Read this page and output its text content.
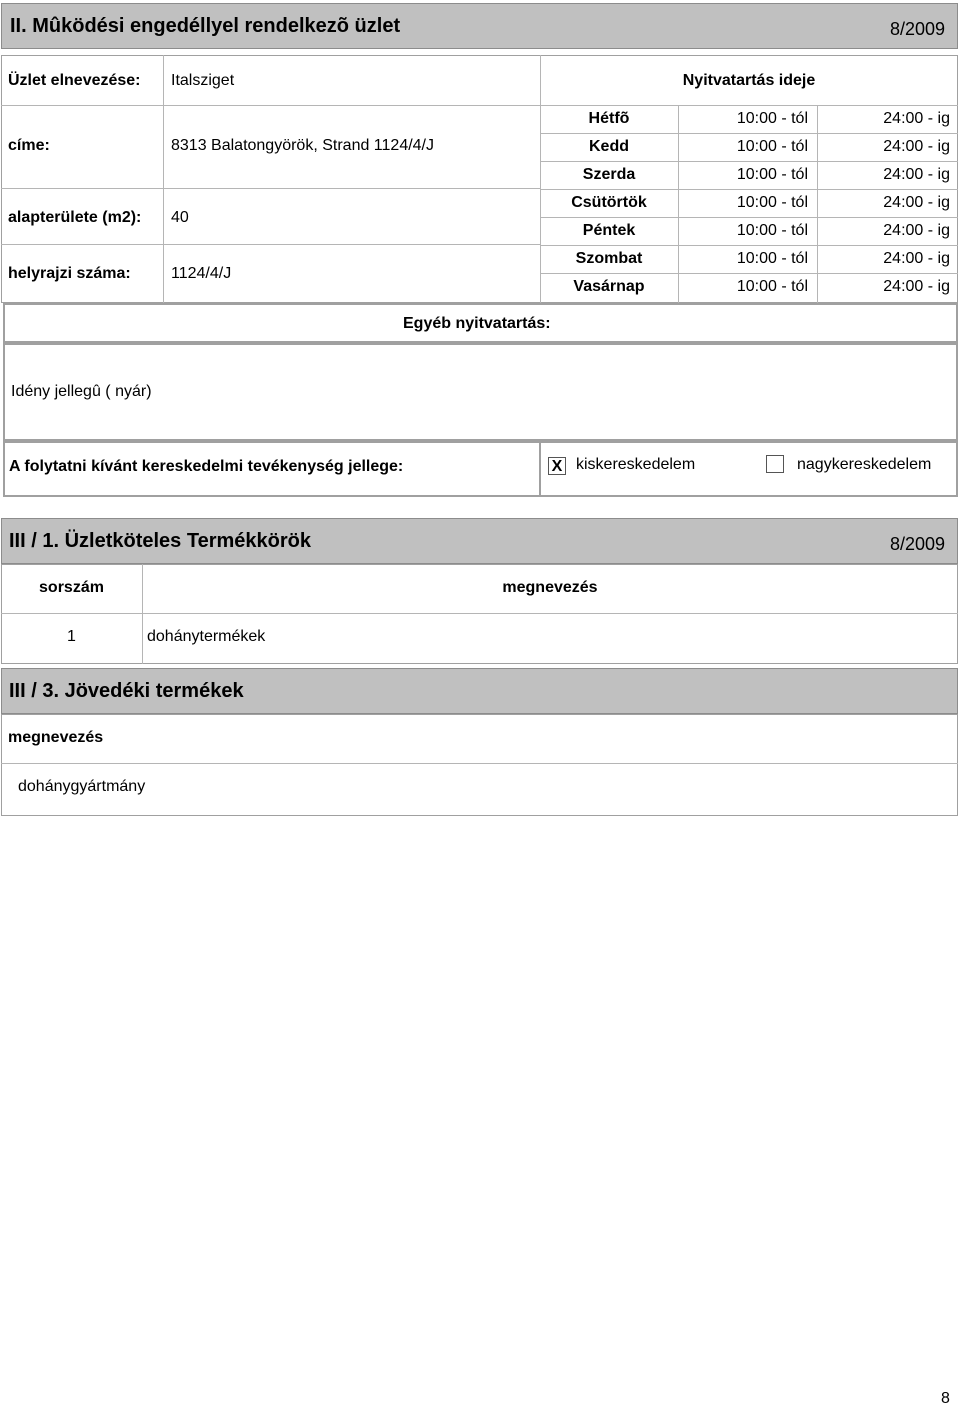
II. Mûködési engedéllyel rendelkezõ üzlet	8/2009
Üzlet elnevezése: Italsziget
címe:	8313 Balatongyörök, Strand 1124/4/J
alapterülete (m2): 40
helyrajzi száma:	1124/4/J
Nyitvatartás ideje
Hétfõ	10:00 - tól	24:00 - ig
Kedd	10:00 - tól	24:00 - ig
Szerda	10:00 - tól	24:00 - ig
Csütörtök	10:00 - tól	24:00 - ig
Péntek	10:00 - tól	24:00 - ig
Szombat	10:00 - tól	24:00 - ig
Vasárnap	10:00 - tól	24:00 - ig
Egyéb nyitvatartás:
Idény jellegû ( nyár)
A folytatni kívánt kereskedelmi tevékenység jellege:	X kiskereskedelem	nagykereskedelem
III / 1. Üzletköteles Termékkörök	8/2009
sorszám	megnevezés
1	dohánytermékek
III / 3. Jövedéki termékek
megnevezés
dohánygyártmány
8
